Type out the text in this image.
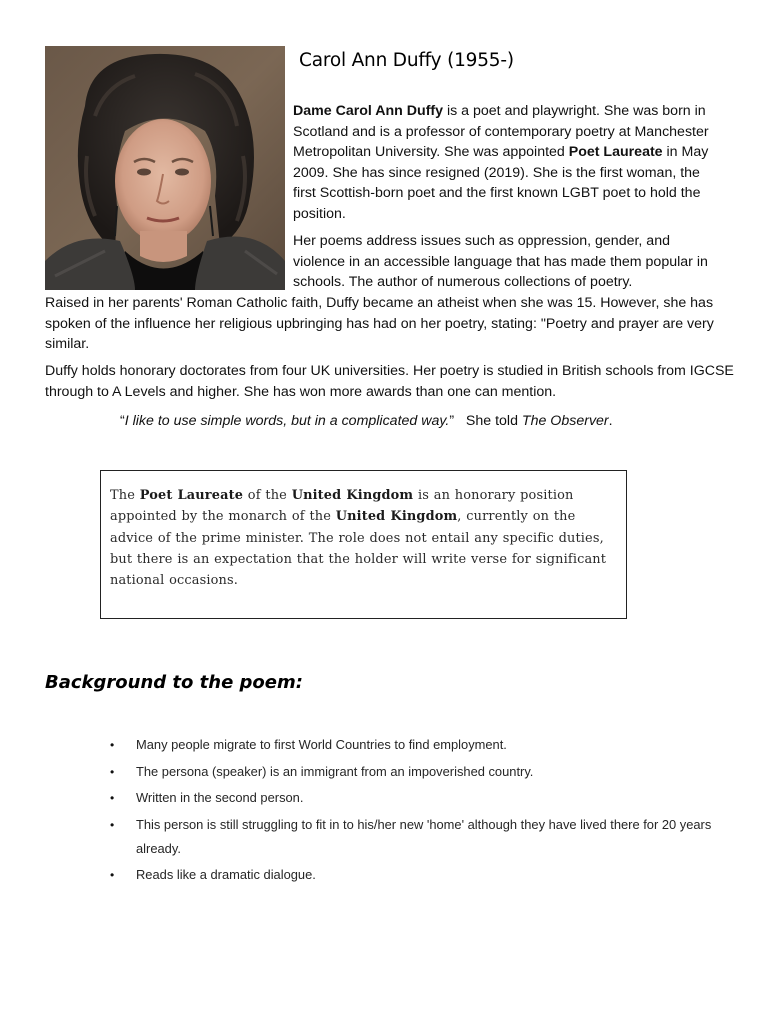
Carol Ann Duffy (1955-)

Dame Carol Ann Duffy is a poet and playwright. She was born in Scotland and is a professor of contemporary poetry at Manchester Metropolitan University. She was appointed Poet Laureate in May 2009. She has since resigned (2019). She is the first woman, the first Scottish-born poet and the first known LGBT poet to hold the position.

Her poems address issues such as oppression, gender, and violence in an accessible language that has made them popular in schools. The author of numerous collections of poetry.

Raised in her parents' Roman Catholic faith, Duffy became an atheist when she was 15. However, she has spoken of the influence her religious upbringing has had on her poetry, stating: "Poetry and prayer are very similar.

Duffy holds honorary doctorates from four UK universities. Her poetry is studied in British schools from IGCSE through to A Levels and higher. She has won more awards than one can mention.

“I like to use simple words, but in a complicated way.”   She told The Observer.

The Poet Laureate of the United Kingdom is an honorary position appointed by the monarch of the United Kingdom, currently on the advice of the prime minister. The role does not entail any specific duties, but there is an expectation that the holder will write verse for significant national occasions.

Background to the poem:
• Many people migrate to first World Countries to find employment.
• The persona (speaker) is an immigrant from an impoverished country.
• Written in the second person.
• This person is still struggling to fit in to his/her new 'home' although they have lived there for 20 years already.
• Reads like a dramatic dialogue.
